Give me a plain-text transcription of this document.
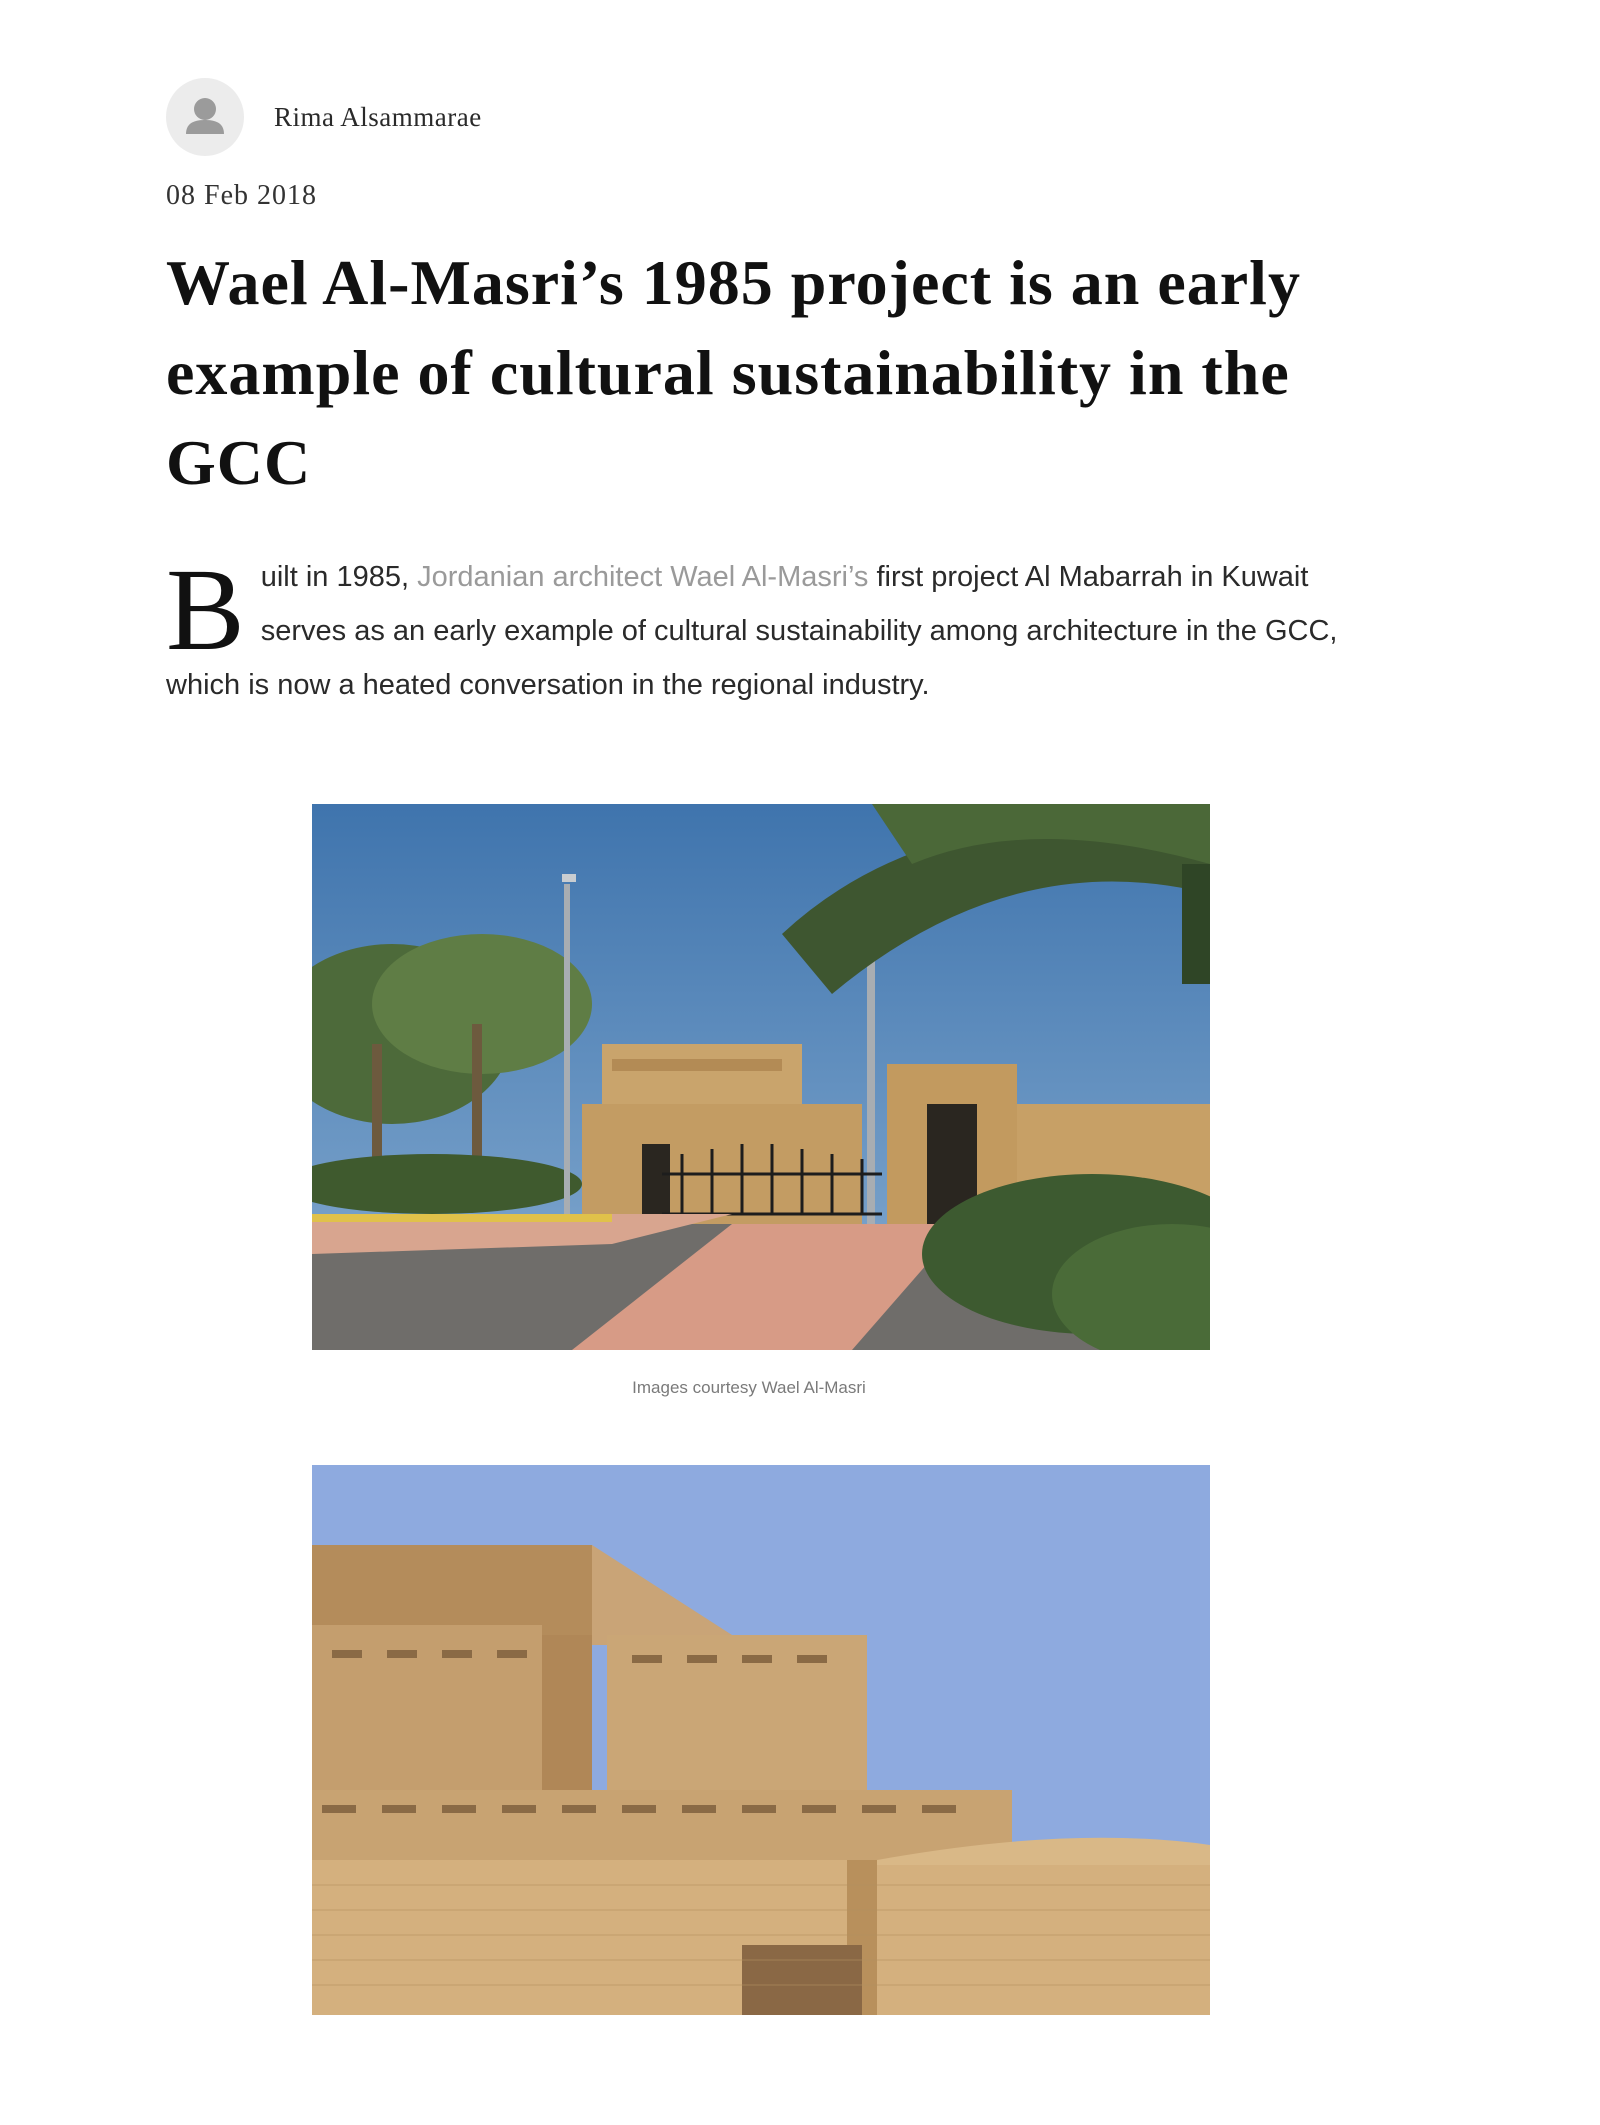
Rima Alsammarae
08 Feb 2018
Wael Al-Masri’s 1985 project is an early example of cultural sustainability in the GCC

Built in 1985, Jordanian architect Wael Al-Masri’s first project Al Mabarrah in Kuwait serves as an early example of cultural sustainability among architecture in the GCC, which is now a heated conversation in the regional industry.

Images courtesy Wael Al-Masri
